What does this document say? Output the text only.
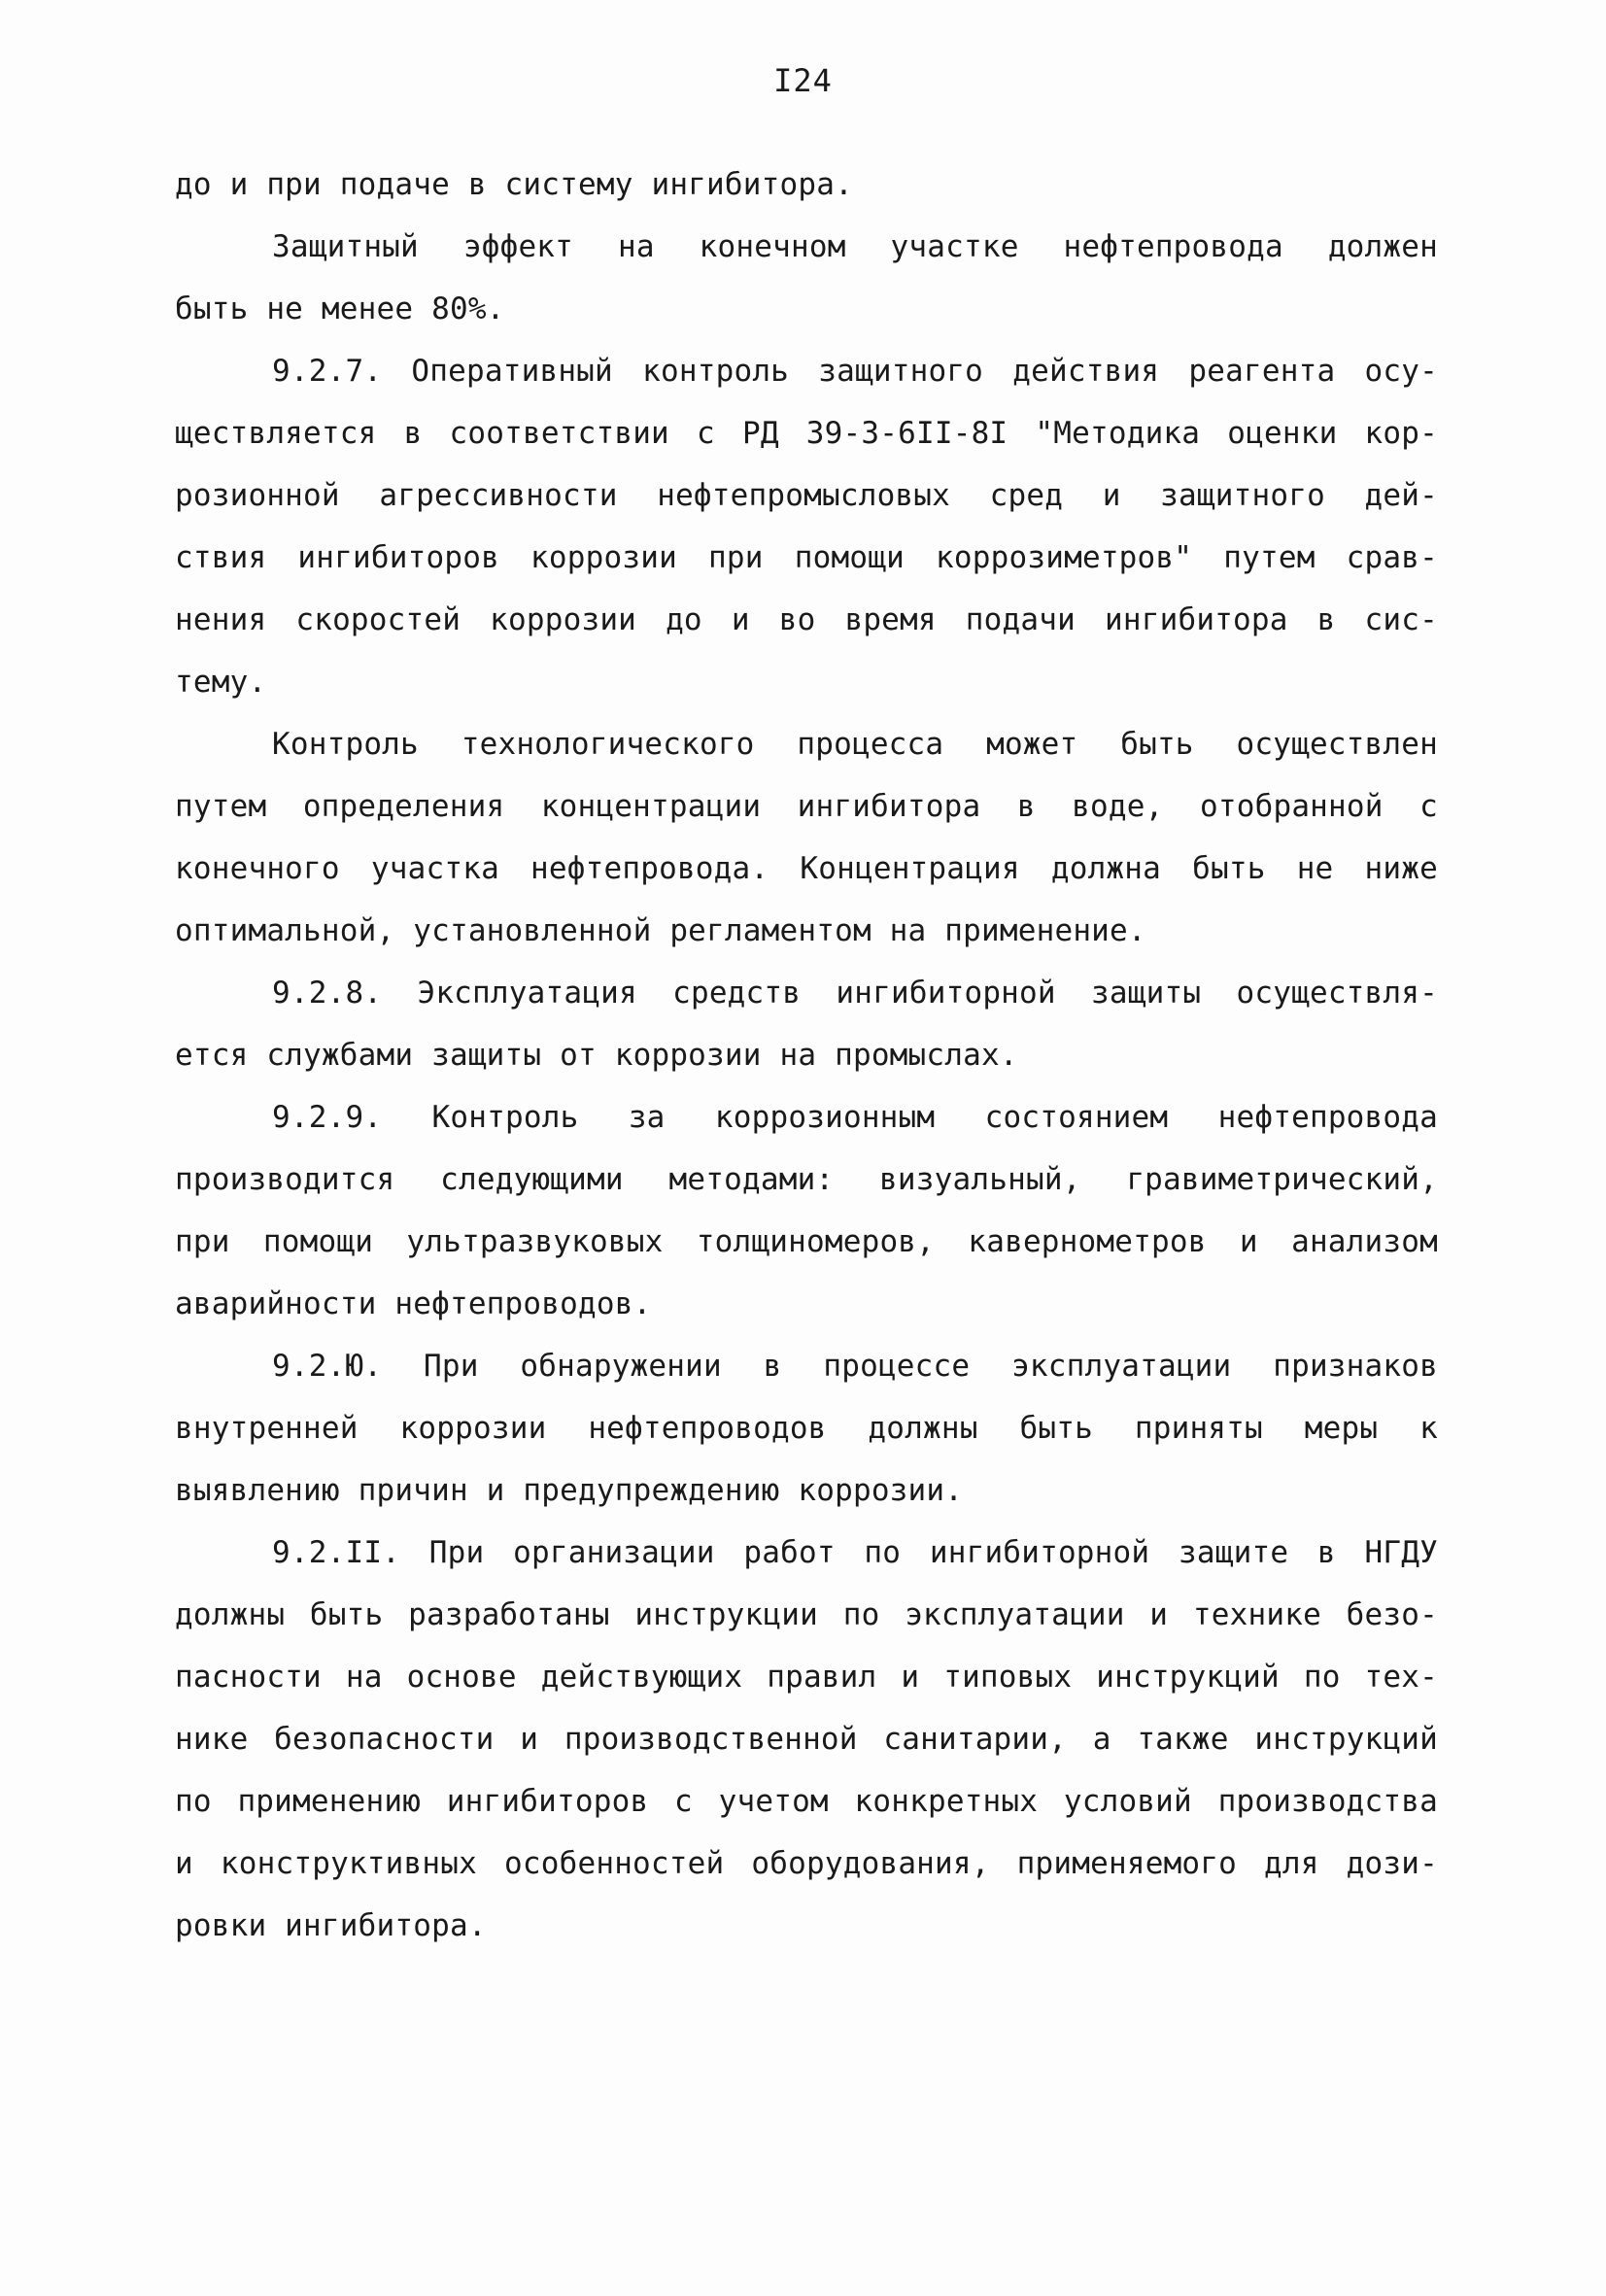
I24
до и при подаче в систему ингибитора.
Защитный эффект на конечном участке нефтепровода должен
быть не менее 80%.
9.2.7. Оперативный контроль защитного действия реагента осу-
ществляется в соответствии с РД 39-3-6II-8I "Методика оценки кор-
розионной агрессивности нефтепромысловых сред и защитного дей-
ствия ингибиторов коррозии при помощи коррозиметров" путем срав-
нения скоростей коррозии до и во время подачи ингибитора в сис-
тему.
Контроль технологического процесса может быть осуществлен
путем определения концентрации ингибитора в воде, отобранной с
конечного участка нефтепровода. Концентрация должна быть не ниже
оптимальной, установленной регламентом на применение.
9.2.8. Эксплуатация средств ингибиторной защиты осуществля-
ется службами защиты от коррозии на промыслах.
9.2.9. Контроль за коррозионным состоянием нефтепровода
производится следующими методами: визуальный, гравиметрический,
при помощи ультразвуковых толщиномеров, кавернометров и анализом
аварийности нефтепроводов.
9.2.Ю. При обнаружении в процессе эксплуатации признаков
внутренней коррозии нефтепроводов должны быть приняты меры к
выявлению причин и предупреждению коррозии.
9.2.II. При организации работ по ингибиторной защите в НГДУ
должны быть разработаны инструкции по эксплуатации и технике безо-
пасности на основе действующих правил и типовых инструкций по тех-
нике безопасности и производственной санитарии, а также инструкций
по применению ингибиторов с учетом конкретных условий производства
и конструктивных особенностей оборудования, применяемого для дози-
ровки ингибитора.
